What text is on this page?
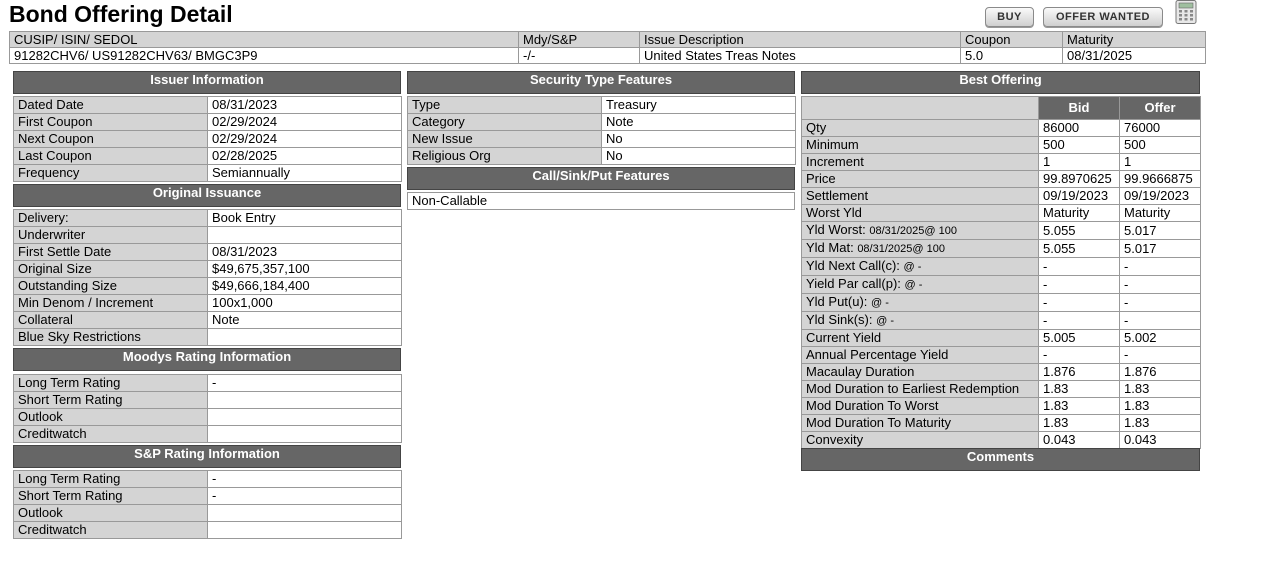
Bond Offering Detail	BUY	OFFER WANTED
CUSIP/ ISIN/ SEDOL	Mdy/S&P	Issue Description	Coupon	Maturity
91282CHV6/ US91282CHV63/ BMGC3P9	-/-	United States Treas Notes	5.0	08/31/2025
Issuer Information
Dated Date	08/31/2023
First Coupon	02/29/2024
Next Coupon	02/29/2024
Last Coupon	02/28/2025
Frequency	Semiannually
Original Issuance
Delivery:	Book Entry
Underwriter	
First Settle Date	08/31/2023
Original Size	$49,675,357,100
Outstanding Size	$49,666,184,400
Min Denom / Increment	100x1,000
Collateral	Note
Blue Sky Restrictions	
Moodys Rating Information
Long Term Rating	-
Short Term Rating	
Outlook	
Creditwatch	
S&P Rating Information
Long Term Rating	-
Short Term Rating	-
Outlook	
Creditwatch	
Security Type Features
Type	Treasury
Category	Note
New Issue	No
Religious Org	No
Call/Sink/Put Features
Non-Callable
Best Offering
	Bid	Offer
Qty	86000	76000
Minimum	500	500
Increment	1	1
Price	99.8970625	99.9666875
Settlement	09/19/2023	09/19/2023
Worst Yld	Maturity	Maturity
Yld Worst: 08/31/2025@ 100	5.055	5.017
Yld Mat: 08/31/2025@ 100	5.055	5.017
Yld Next Call(c): @ -	-	-
Yield Par call(p): @ -	-	-
Yld Put(u): @ -	-	-
Yld Sink(s): @ -	-	-
Current Yield	5.005	5.002
Annual Percentage Yield	-	-
Macaulay Duration	1.876	1.876
Mod Duration to Earliest Redemption	1.83	1.83
Mod Duration To Worst	1.83	1.83
Mod Duration To Maturity	1.83	1.83
Convexity	0.043	0.043
Comments
